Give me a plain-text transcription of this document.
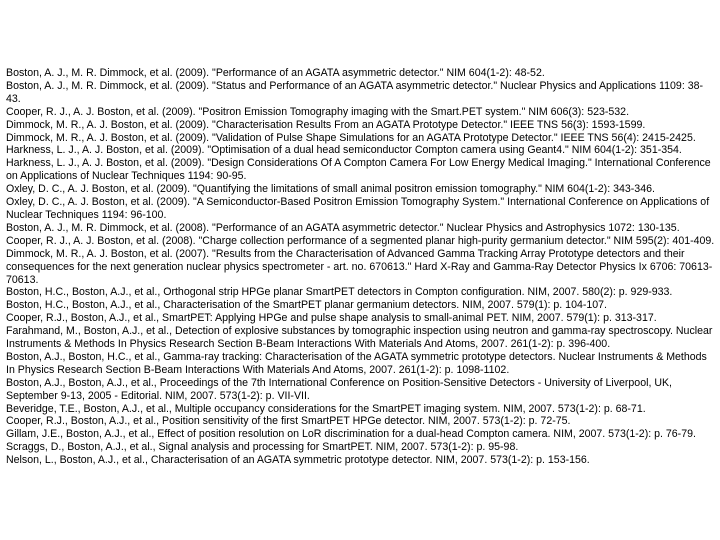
Boston, A. J., M. R. Dimmock, et al. (2009). "Performance of an AGATA asymmetric detector." NIM 604(1-2): 48-52.
Boston, A. J., M. R. Dimmock, et al. (2009). "Status and Performance of an AGATA asymmetric detector." Nuclear Physics and Applications 1109: 38-43.
Cooper, R. J., A. J. Boston, et al. (2009). "Positron Emission Tomography imaging with the Smart.PET system." NIM 606(3): 523-532.
Dimmock, M. R., A. J. Boston, et al. (2009). "Characterisation Results From an AGATA Prototype Detector." IEEE TNS 56(3): 1593-1599.
Dimmock, M. R., A. J. Boston, et al. (2009). "Validation of Pulse Shape Simulations for an AGATA Prototype Detector." IEEE TNS 56(4): 2415-2425.
Harkness, L. J., A. J. Boston, et al. (2009). "Optimisation of a dual head semiconductor Compton camera using Geant4." NIM 604(1-2): 351-354.
Harkness, L. J., A. J. Boston, et al. (2009). "Design Considerations Of A Compton Camera For Low Energy Medical Imaging." International Conference on Applications of Nuclear Techniques 1194: 90-95.
Oxley, D. C., A. J. Boston, et al. (2009). "Quantifying the limitations of small animal positron emission tomography." NIM 604(1-2): 343-346.
Oxley, D. C., A. J. Boston, et al. (2009). "A Semiconductor-Based Positron Emission Tomography System." International Conference on Applications of Nuclear Techniques 1194: 96-100.
Boston, A. J., M. R. Dimmock, et al. (2008). "Performance of an AGATA asymmetric detector." Nuclear Physics and Astrophysics 1072: 130-135.
Cooper, R. J., A. J. Boston, et al. (2008). "Charge collection performance of a segmented planar high-purity germanium detector." NIM 595(2): 401-409.
Dimmock, M. R., A. J. Boston, et al. (2007). "Results from the Characterisation of Advanced Gamma Tracking Array Prototype detectors and their consequences for the next generation nuclear physics spectrometer - art. no. 670613." Hard X-Ray and Gamma-Ray Detector Physics Ix 6706: 70613-70613.
Boston, H.C., Boston, A.J., et al., Orthogonal strip HPGe planar SmartPET detectors in Compton configuration. NIM, 2007. 580(2): p. 929-933.
Boston, H.C., Boston, A.J., et al., Characterisation of the SmartPET planar germanium detectors. NIM, 2007. 579(1): p. 104-107.
Cooper, R.J., Boston, A.J., et al., SmartPET: Applying HPGe and pulse shape analysis to small-animal PET. NIM, 2007. 579(1): p. 313-317.
Farahmand, M., Boston, A.J., et al., Detection of explosive substances by tomographic inspection using neutron and gamma-ray spectroscopy. Nuclear Instruments & Methods In Physics Research Section B-Beam Interactions With Materials And Atoms, 2007. 261(1-2): p. 396-400.
Boston, A.J., Boston, H.C., et al., Gamma-ray tracking: Characterisation of the AGATA symmetric prototype detectors. Nuclear Instruments & Methods In Physics Research Section B-Beam Interactions With Materials And Atoms, 2007. 261(1-2): p. 1098-1102.
Boston, A.J., Boston, A.J., et al., Proceedings of the 7th International Conference on Position-Sensitive Detectors - University of Liverpool, UK, September 9-13, 2005 - Editorial. NIM, 2007. 573(1-2): p. VII-VII.
Beveridge, T.E., Boston, A.J., et al., Multiple occupancy considerations for the SmartPET imaging system. NIM, 2007. 573(1-2): p. 68-71.
Cooper, R.J., Boston, A.J., et al., Position sensitivity of the first SmartPET HPGe detector. NIM, 2007. 573(1-2): p. 72-75.
Gillam, J.E., Boston, A.J., et al., Effect of position resolution on LoR discrimination for a dual-head Compton camera. NIM, 2007. 573(1-2): p. 76-79.
Scraggs, D., Boston, A.J., et al., Signal analysis and processing for SmartPET. NIM, 2007. 573(1-2): p. 95-98.
Nelson, L., Boston, A.J., et al., Characterisation of an AGATA symmetric prototype detector. NIM, 2007. 573(1-2): p. 153-156.
